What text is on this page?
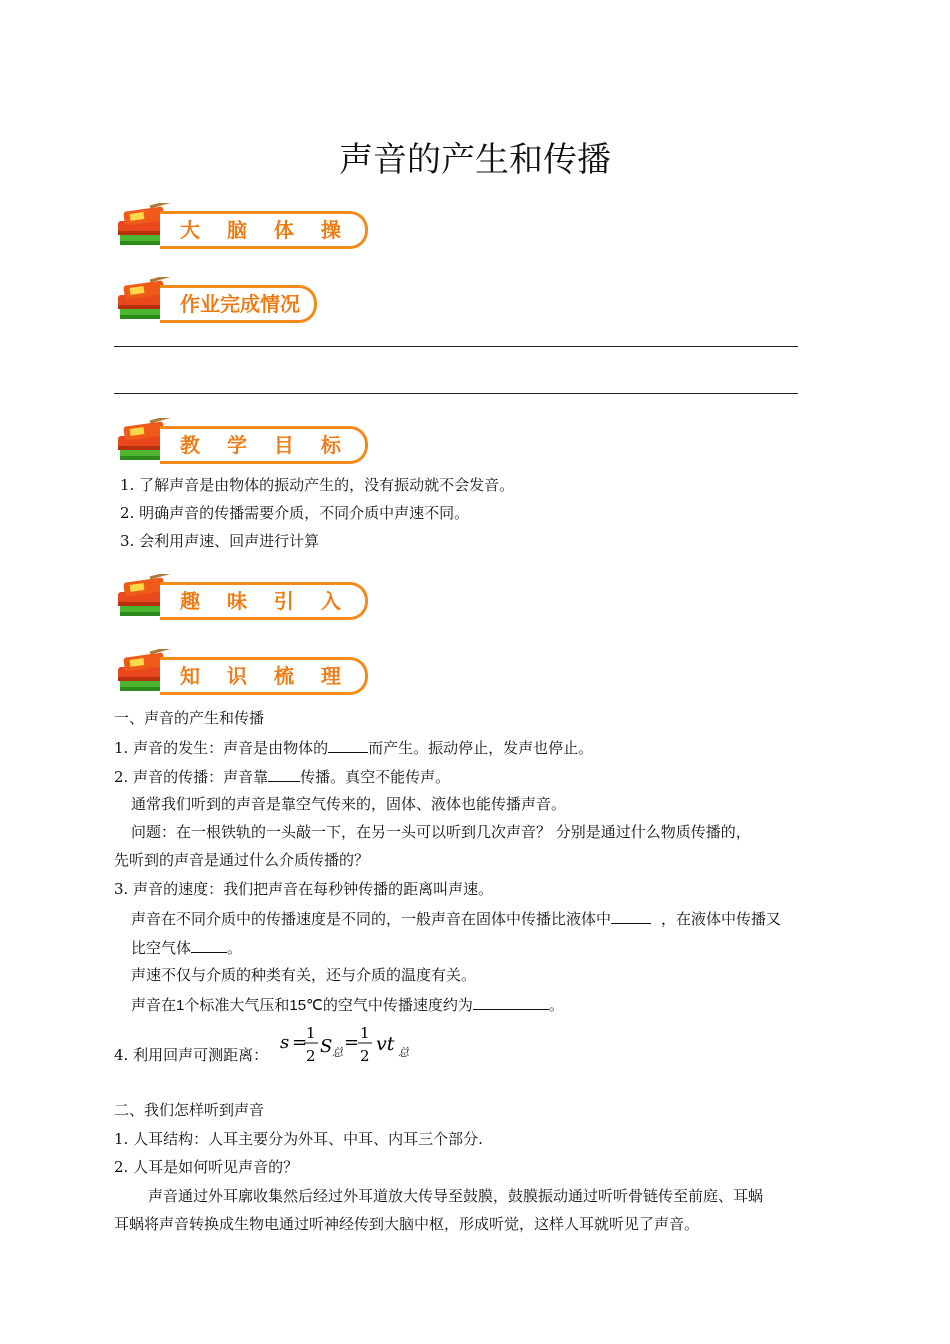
声音的产生和传播
大 脑 体 操
作业完成情况
教 学 目 标
1. 了解声音是由物体的振动产生的，没有振动就不会发音。
2. 明确声音的传播需要介质，不同介质中声速不同。
3. 会利用声速、回声进行计算
趣 味 引 入
知 识 梳 理
一、声音的产生和传播
1. 声音的发生：声音是由物体的	而产生。振动停止，发声也停止。
2. 声音的传播：声音靠 传播。真空不能传声。
通常我们听到的声音是靠空气传来的，固体、液体也能传播声音。
问题：在一根铁轨的一头敲一下，在另一头可以听到几次声音？ 分别是通过什么物质传播的，
先听到的声音是通过什么介质传播的？
3. 声音的速度：我们把声音在每秒钟传播的距离叫声速。
声音在不同介质中的传播速度是不同的，一般声音在固体中传播比液体中	，在液体中传播又
比空气体 。
声速不仅与介质的种类有关，还与介质的温度有关。
声音在1个标准大气压和15℃的空气中传播速度约为	。
4. 利用回声可测距离：
s =
1
2 S 总 = 1
2
vt 总
二、我们怎样听到声音
1. 人耳结构：人耳主要分为外耳、中耳、内耳三个部分.
2. 人耳是如何听见声音的？
声音通过外耳廓收集然后经过外耳道放大传导至鼓膜，鼓膜振动通过听听骨链传至前庭、耳蜗
耳蜗将声音转换成生物电通过听神经传到大脑中枢，形成听觉，这样人耳就听见了声音。
